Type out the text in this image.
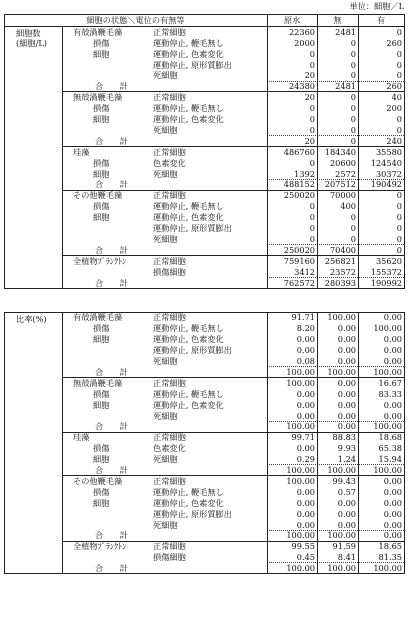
単位：細胞／L
細胞の状態＼電位の有無等	原水	無	有
細胞数
(細胞/L)
有殻渦鞭毛藻	正常細胞	22360	2481	0
損傷	運動停止, 鞭毛無し	2000	0	260
細胞	運動停止, 色素変化	0	0	0
運動停止, 原形質膨出	0	0	0
死細胞	20	0	0
合　　計	24380	2481	260
無殻渦鞭毛藻	正常細胞	20	0	40
損傷	運動停止, 鞭毛無し	0	0	200
細胞	運動停止, 色素変化	0	0	0
死細胞	0	0	0
合　　計	20	0	240
珪藻	正常細胞	486760	184340	35580
損傷	色素変化	0	20600	124540
細胞	死細胞	1392	2572	30372
合　　計	488152	207512	190492
その他鞭毛藻	正常細胞	250020	70000	0
損傷	運動停止, 鞭毛無し	0	400	0
細胞	運動停止, 色素変化	0	0	0
運動停止, 原形質膨出	0	0	0
死細胞	0	0	0
合　　計	250020	70400	0
全植物ﾌﾟﾗﾝｸﾄﾝ	正常細胞	759160	256821	35620
損傷細胞	3412	23572	155372
合　　計	762572	280393	190992
比率(%)	有殻渦鞭毛藻	正常細胞	91.71	100.00	0.00
損傷	運動停止, 鞭毛無し	8.20	0.00	100.00
細胞	運動停止, 色素変化	0.00	0.00	0.00
運動停止, 原形質膨出	0.00	0.00	0.00
死細胞	0.08	0.00	0.00
合　　計	100.00	100.00	100.00
無殻渦鞭毛藻	正常細胞	100.00	0.00	16.67
損傷	運動停止, 鞭毛無し	0.00	0.00	83.33
細胞	運動停止, 色素変化	0.00	0.00	0.00
死細胞	0.00	0.00	0.00
合　　計	100.00	0.00	100.00
珪藻	正常細胞	99.71	88.83	18.68
損傷	色素変化	0.00	9.93	65.38
細胞	死細胞	0.29	1.24	15.94
合　　計	100.00	100.00	100.00
その他鞭毛藻	正常細胞	100.00	99.43	0.00
損傷	運動停止, 鞭毛無し	0.00	0.57	0.00
細胞	運動停止, 色素変化	0.00	0.00	0.00
運動停止, 原形質膨出	0.00	0.00	0.00
死細胞	0.00	0.00	0.00
合　　計	100.00	100.00	0.00
全植物ﾌﾟﾗﾝｸﾄﾝ	正常細胞	99.55	91.59	18.65
損傷細胞	0.45	8.41	81.35
合　　計	100.00	100.00	100.00
